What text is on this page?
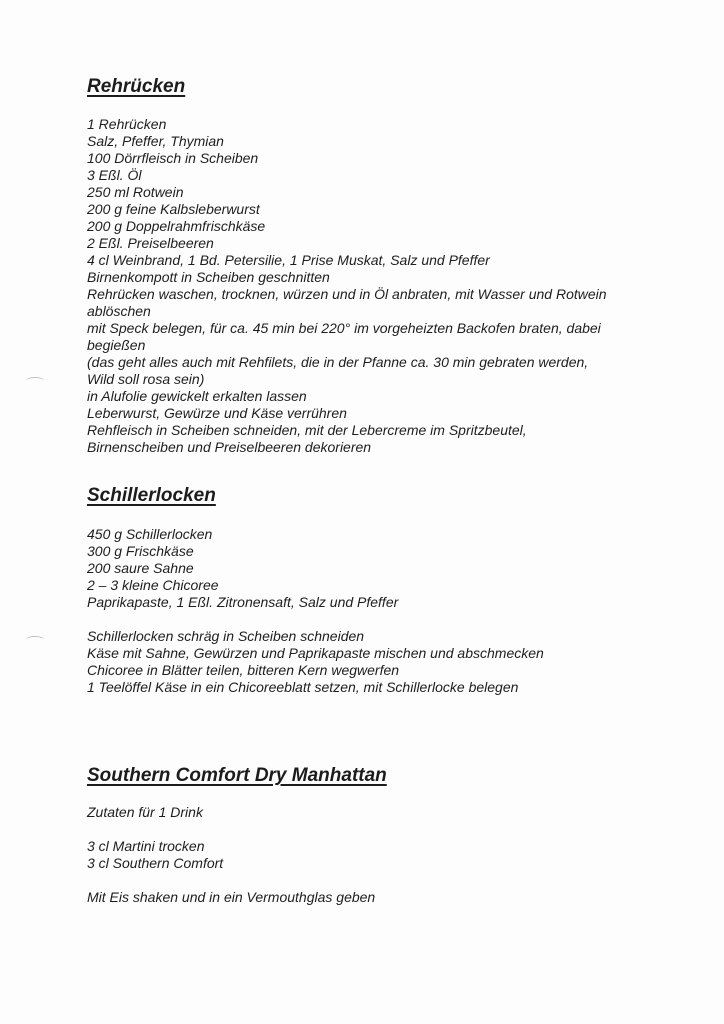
Rehrücken
1 Rehrücken
Salz, Pfeffer, Thymian
100 Dörrfleisch in Scheiben
3 Eßl. Öl
250 ml Rotwein
200 g feine Kalbsleberwurst
200 g Doppelrahmfrischkäse
2 Eßl. Preiselbeeren
4 cl Weinbrand, 1 Bd. Petersilie, 1 Prise Muskat, Salz und Pfeffer
Birnenkompott in Scheiben geschnitten
Rehrücken waschen, trocknen, würzen und in Öl anbraten, mit Wasser und Rotwein
ablöschen
mit Speck belegen, für ca. 45 min bei 220° im vorgeheizten Backofen braten, dabei
begießen
(das geht alles auch mit Rehfilets, die in der Pfanne ca. 30 min gebraten werden,
Wild soll rosa sein)
in Alufolie gewickelt erkalten lassen
Leberwurst, Gewürze und Käse verrühren
Rehfleisch in Scheiben schneiden, mit der Lebercreme im Spritzbeutel,
Birnenscheiben und Preiselbeeren dekorieren
Schillerlocken
450 g Schillerlocken
300 g Frischkäse
200 saure Sahne
2 – 3 kleine Chicoree
Paprikapaste, 1 Eßl. Zitronensaft, Salz und Pfeffer
Schillerlocken schräg in Scheiben schneiden
Käse mit Sahne, Gewürzen und Paprikapaste mischen und abschmecken
Chicoree in Blätter teilen, bitteren Kern wegwerfen
1 Teelöffel Käse in ein Chicoreeblatt setzen, mit Schillerlocke belegen
Southern Comfort Dry Manhattan
Zutaten für 1 Drink
3 cl Martini trocken
3 cl Southern Comfort
Mit Eis shaken und in ein Vermouthglas geben
